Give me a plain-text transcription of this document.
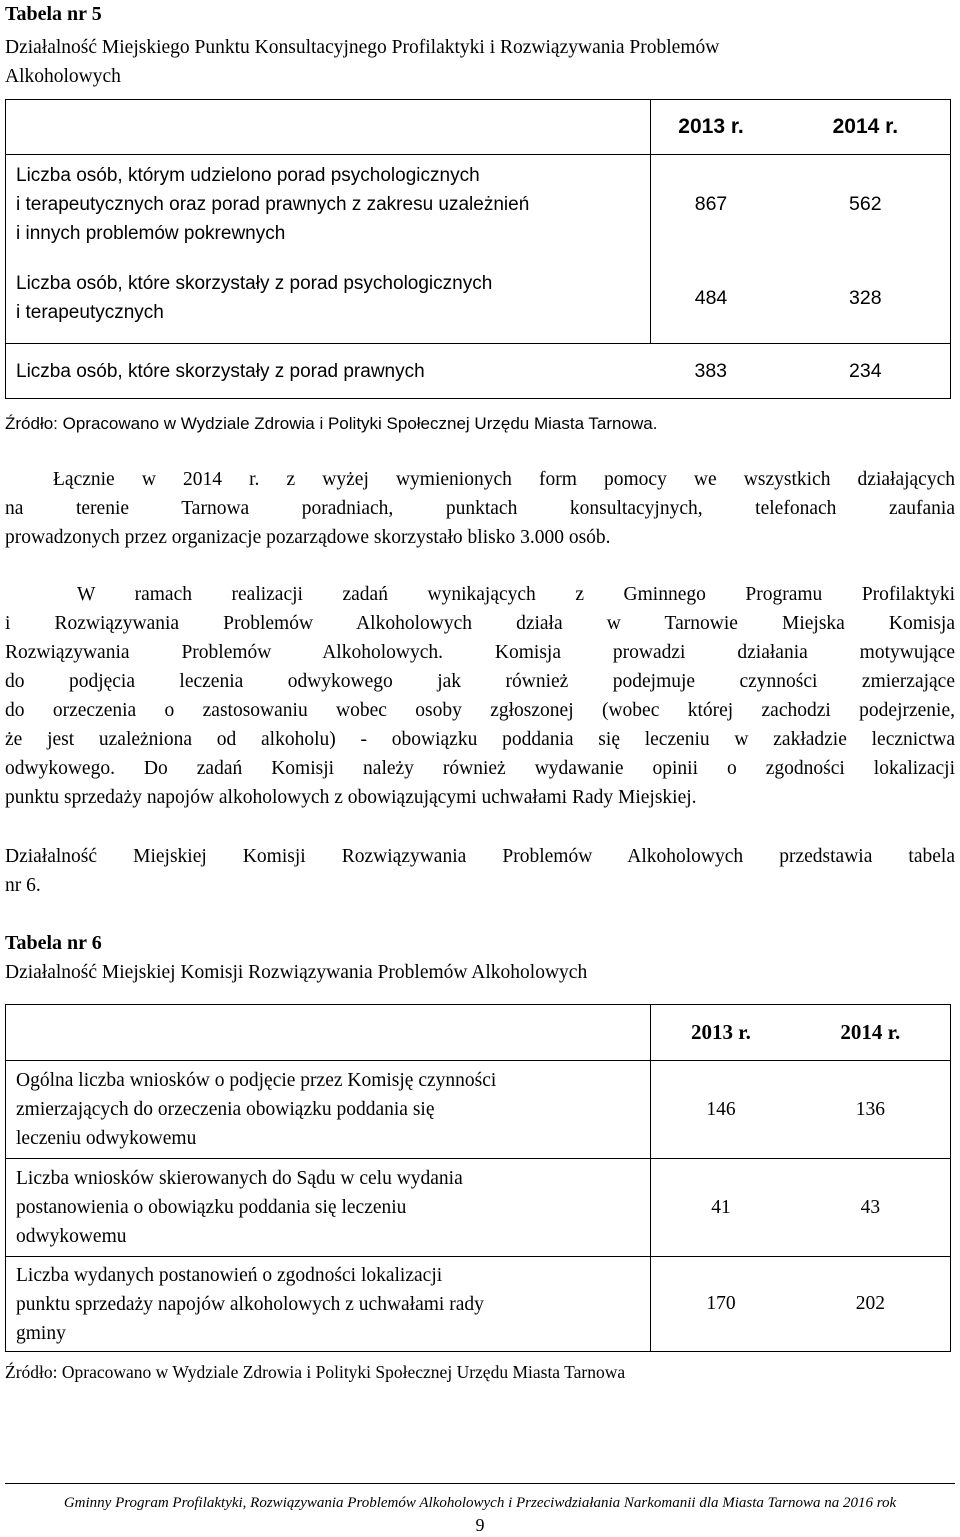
Tabela nr 5
Działalność Miejskiego Punktu Konsultacyjnego Profilaktyki i Rozwiązywania Problemów
Alkoholowych

	2013 r.	2014 r.

Liczba osób, którym udzielono porad psychologicznych
i terapeutycznych oraz porad prawnych z zakresu uzależnień
i innych problemów pokrewnych	867	562

Liczba osób, które skorzystały z porad psychologicznych
i terapeutycznych	484	328

Liczba osób, które skorzystały z porad prawnych	383	234
Źródło: Opracowano w Wydziale Zdrowia i Polityki Społecznej Urzędu Miasta Tarnowa.
Łącznie w 2014 r. z wyżej wymienionych form pomocy we wszystkich działających
na terenie Tarnowa poradniach, punktach konsultacyjnych, telefonach zaufania
prowadzonych przez organizacje pozarządowe skorzystało blisko 3.000 osób.
W ramach realizacji zadań wynikających z Gminnego Programu Profilaktyki
i Rozwiązywania Problemów Alkoholowych działa w Tarnowie Miejska Komisja
Rozwiązywania Problemów Alkoholowych. Komisja prowadzi działania motywujące
do podjęcia leczenia odwykowego jak również podejmuje czynności zmierzające
do orzeczenia o zastosowaniu wobec osoby zgłoszonej (wobec której zachodzi podejrzenie,
że jest uzależniona od alkoholu) - obowiązku poddania się leczeniu w zakładzie lecznictwa
odwykowego. Do zadań Komisji należy również wydawanie opinii o zgodności lokalizacji
punktu sprzedaży napojów alkoholowych z obowiązującymi uchwałami Rady Miejskiej.
Działalność Miejskiej Komisji Rozwiązywania Problemów Alkoholowych przedstawia tabela
nr 6.
Tabela nr 6
Działalność Miejskiej Komisji Rozwiązywania Problemów Alkoholowych

	2013 r.	2014 r.

Ogólna liczba wniosków o podjęcie przez Komisję czynności
zmierzających do orzeczenia obowiązku poddania się
leczeniu odwykowemu	146	136

Liczba wniosków skierowanych do Sądu w celu wydania
postanowienia o obowiązku poddania się leczeniu
odwykowemu	41	43

Liczba wydanych postanowień o zgodności lokalizacji
punktu sprzedaży napojów alkoholowych z uchwałami rady
gminy	170	202
Źródło: Opracowano w Wydziale Zdrowia i Polityki Społecznej Urzędu Miasta Tarnowa
Gminny Program Profilaktyki, Rozwiązywania Problemów Alkoholowych i Przeciwdziałania Narkomanii dla Miasta Tarnowa na 2016 rok
9
